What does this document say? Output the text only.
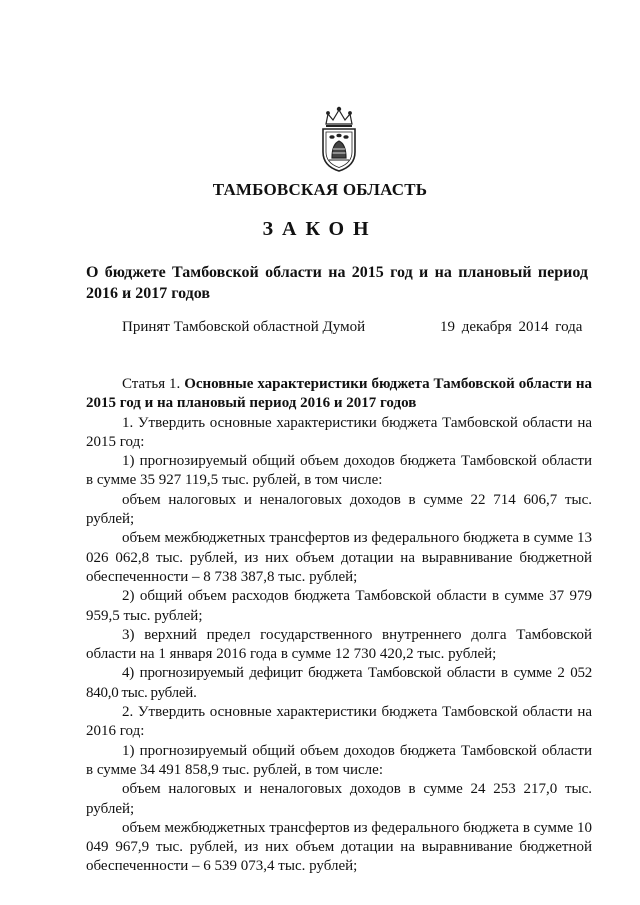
ТАМБОВСКАЯ ОБЛАСТЬ
ЗАКОН
О бюджете Тамбовской области на 2015 год и на плановый период 2016 и 2017 годов
Принят Тамбовской областной Думой	19 декабря 2014 года

Статья 1. Основные характеристики бюджета Тамбовской области на 2015 год и на плановый период 2016 и 2017 годов

1. Утвердить основные характеристики бюджета Тамбовской области на 2015 год:

1) прогнозируемый общий объем доходов бюджета Тамбовской области в сумме 35 927 119,5 тыс. рублей, в том числе:

объем налоговых и неналоговых доходов в сумме 22 714 606,7 тыс. рублей;

объем межбюджетных трансфертов из федерального бюджета в сумме 13 026 062,8 тыс. рублей, из них объем дотации на выравнивание бюджетной обеспеченности – 8 738 387,8 тыс. рублей;

2) общий объем расходов бюджета Тамбовской области в сумме 37 979 959,5 тыс. рублей;

3) верхний предел государственного внутреннего долга Тамбовской области на 1 января 2016 года в сумме 12 730 420,2 тыс. рублей;

4) прогнозируемый дефицит бюджета Тамбовской области в сумме 2 052 840,0 тыс. рублей.

2. Утвердить основные характеристики бюджета Тамбовской области на 2016 год:

1) прогнозируемый общий объем доходов бюджета Тамбовской области в сумме 34 491 858,9 тыс. рублей, в том числе:

объем налоговых и неналоговых доходов в сумме 24 253 217,0 тыс. рублей;

объем межбюджетных трансфертов из федерального бюджета в сумме 10 049 967,9 тыс. рублей, из них объем дотации на выравнивание бюджетной обеспеченности – 6 539 073,4 тыс. рублей;
